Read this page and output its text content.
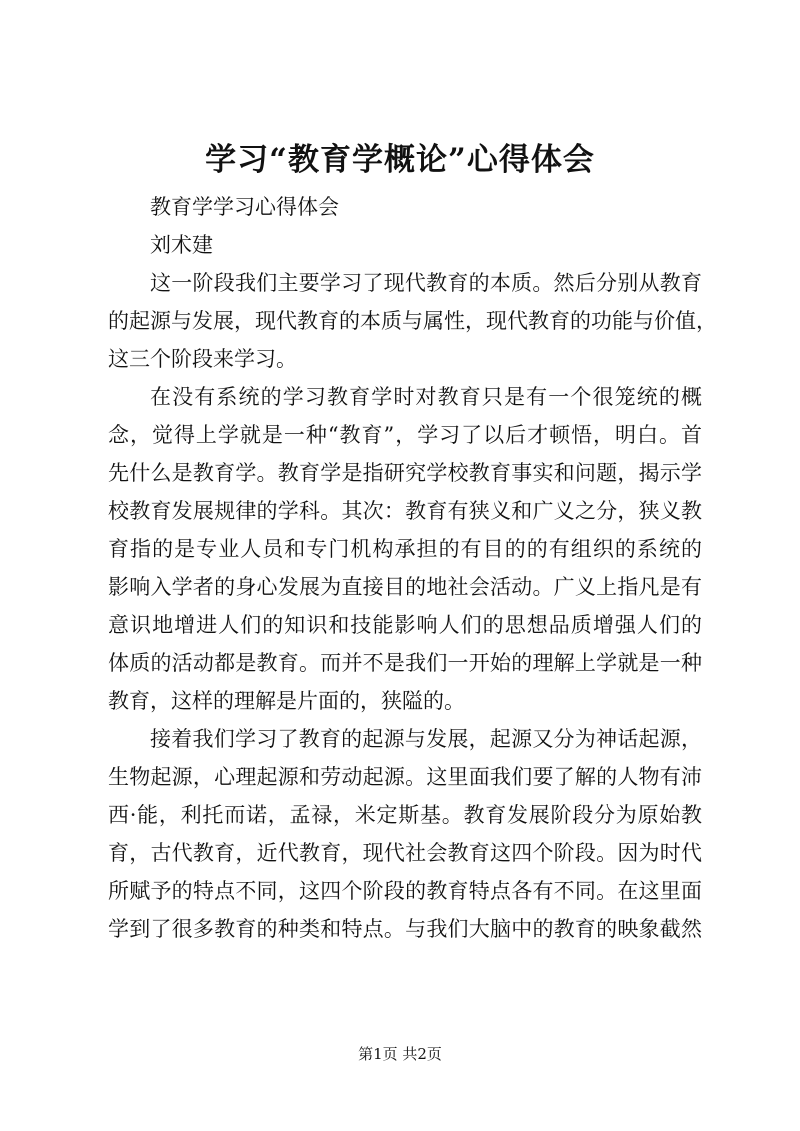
学习“教育学概论”心得体会
教育学学习心得体会
刘术建
这一阶段我们主要学习了现代教育的本质。然后分别从教育
的起源与发展，现代教育的本质与属性，现代教育的功能与价值，
这三个阶段来学习。
在没有系统的学习教育学时对教育只是有一个很笼统的概
念，觉得上学就是一种“教育”，学习了以后才顿悟，明白。首
先什么是教育学。教育学是指研究学校教育事实和问题，揭示学
校教育发展规律的学科。其次：教育有狭义和广义之分，狭义教
育指的是专业人员和专门机构承担的有目的的有组织的系统的
影响入学者的身心发展为直接目的地社会活动。广义上指凡是有
意识地增进人们的知识和技能影响人们的思想品质增强人们的
体质的活动都是教育。而并不是我们一开始的理解上学就是一种
教育，这样的理解是片面的，狭隘的。
接着我们学习了教育的起源与发展，起源又分为神话起源，
生物起源，心理起源和劳动起源。这里面我们要了解的人物有沛
西·能，利托而诺，孟禄，米定斯基。教育发展阶段分为原始教
育，古代教育，近代教育，现代社会教育这四个阶段。因为时代
所赋予的特点不同，这四个阶段的教育特点各有不同。在这里面
学到了很多教育的种类和特点。与我们大脑中的教育的映象截然
第1页 共2页
